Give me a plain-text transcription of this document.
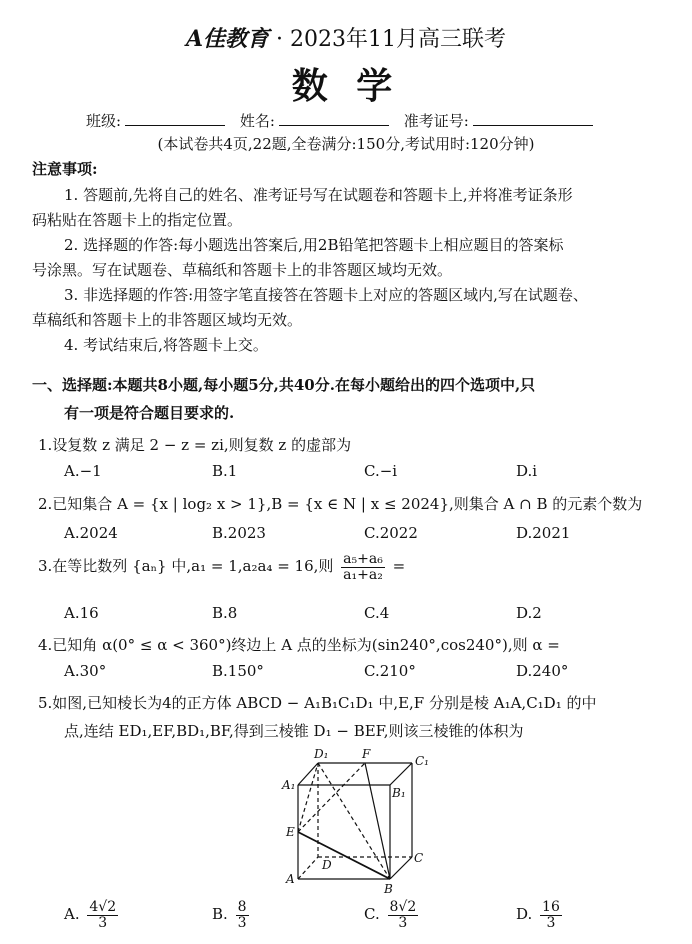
A佳教育 · 2023年11月高三联考
数 学
班级:	姓名:	准考证号:
(本试卷共4页,22题,全卷满分:150分,考试用时:120分钟)
注意事项:
1. 答题前,先将自己的姓名、准考证号写在试题卷和答题卡上,并将准考证条形
码粘贴在答题卡上的指定位置。
2. 选择题的作答:每小题选出答案后,用2B铅笔把答题卡上相应题目的答案标
号涂黑。写在试题卷、草稿纸和答题卡上的非答题区域均无效。
3. 非选择题的作答:用签字笔直接答在答题卡上对应的答题区域内,写在试题卷、
草稿纸和答题卡上的非答题区域均无效。
4. 考试结束后,将答题卡上交。
一、选择题:本题共8小题,每小题5分,共40分.在每小题给出的四个选项中,只
有一项是符合题目要求的.
1.设复数 z 满足 2 − z = zi,则复数 z 的虚部为
A.−1	B.1	C.−i	D.i
2.已知集合 A = {x | log₂ x > 1},B = {x ∈ N | x ≤ 2024},则集合 A ∩ B 的元素个数为
A.2024	B.2023	C.2022	D.2021
3.在等比数列 {aₙ} 中,a₁ = 1,a₂a₄ = 16,则 $\frac{\text{a₅+a₆}}{\text{a₁+a₂}}$ =
A.16	B.8	C.4	D.2
4.已知角 α(0° ≤ α < 360°)终边上 A 点的坐标为(sin240°,cos240°),则 α =
A.30°	B.150°	C.210°	D.240°
5.如图,已知棱长为4的正方体 ABCD − A₁B₁C₁D₁ 中,E,F 分别是棱 A₁A,C₁D₁ 的中
点,连结 ED₁,EF,BD₁,BF,得到三棱锥 D₁ − BEF,则该三棱锥的体积为
D₁	F	C₁
A₁
B₁
E
D	C
A
B
A. $\frac{4√2}{3}$	B. $\frac{8}{3}$	C. $\frac{8√2}{3}$	D. $\frac{16}{3}$
